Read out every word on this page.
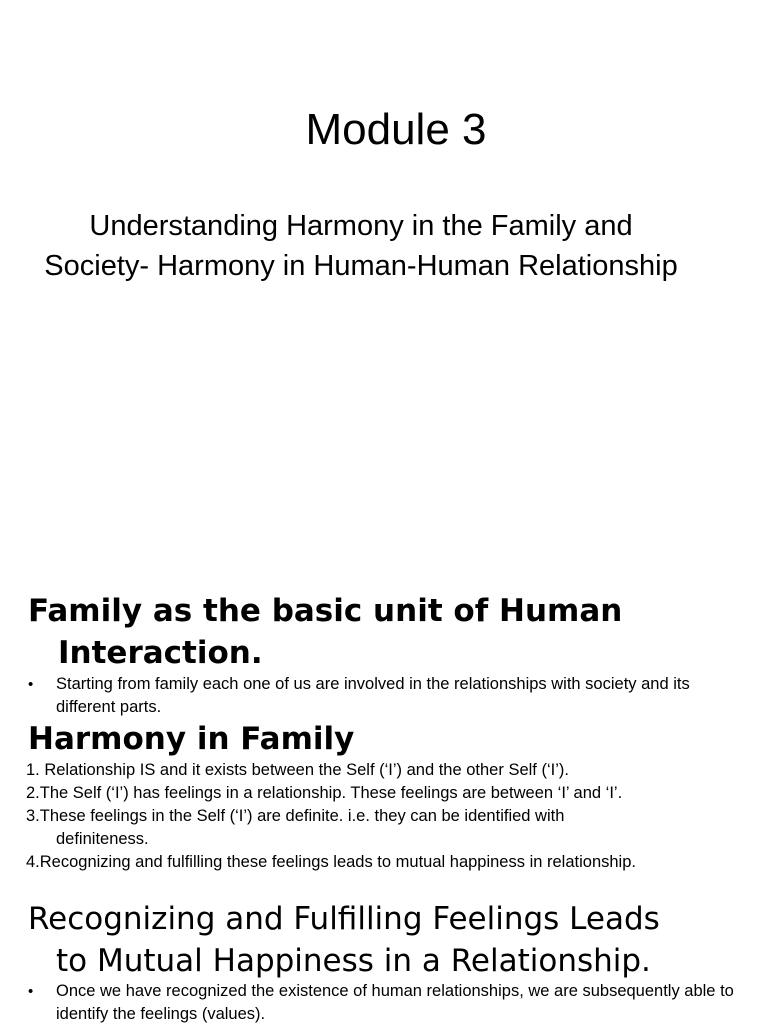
Module 3
Understanding Harmony in the Family and Society- Harmony in Human-Human Relationship
Family as the basic unit of Human
Interaction.
•	Starting from family each one of us are involved in the relationships with society and its different parts.
Harmony in Family
1. Relationship IS and it exists between the Self (‘I’) and the other Self (‘I’).
2.The Self (‘I’) has feelings in a relationship. These feelings are between ‘I’ and ‘I’.
3.These feelings in the Self (‘I’) are definite. i.e. they can be identified with
definiteness.
4.Recognizing and fulfilling these feelings leads to mutual happiness in relationship.
Recognizing and Fulfilling Feelings Leads
to Mutual Happiness in a Relationship.
•	Once we have recognized the existence of human relationships, we are subsequently able to identify the feelings (values).
